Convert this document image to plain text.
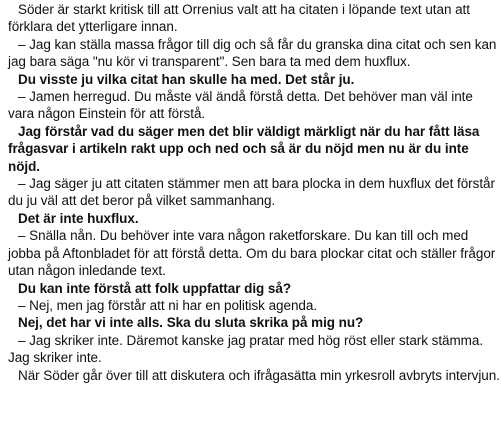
Söder är starkt kritisk till att Orrenius valt att ha citaten i löpande text utan att förklara det ytterligare innan.

– Jag kan ställa massa frågor till dig och så får du granska dina citat och sen kan jag bara säga "nu kör vi transparent". Sen bara ta med dem huxflux.

Du visste ju vilka citat han skulle ha med. Det står ju.

– Jamen herregud. Du måste väl ändå förstå detta. Det behöver man väl inte vara någon Einstein för att förstå.

Jag förstår vad du säger men det blir väldigt märkligt när du har fått läsa frågasvar i artikeln rakt upp och ned och så är du nöjd men nu är du inte nöjd.

– Jag säger ju att citaten stämmer men att bara plocka in dem huxflux det förstår du ju väl att det beror på vilket sammanhang.

Det är inte huxflux.

– Snälla nån. Du behöver inte vara någon raketforskare. Du kan till och med jobba på Aftonbladet för att förstå detta. Om du bara plockar citat och ställer frågor utan någon inledande text.

Du kan inte förstå att folk uppfattar dig så?

– Nej, men jag förstår att ni har en politisk agenda.

Nej, det har vi inte alls. Ska du sluta skrika på mig nu?

– Jag skriker inte. Däremot kanske jag pratar med hög röst eller stark stämma. Jag skriker inte.

När Söder går över till att diskutera och ifrågasätta min yrkesroll avbryts intervjun.
